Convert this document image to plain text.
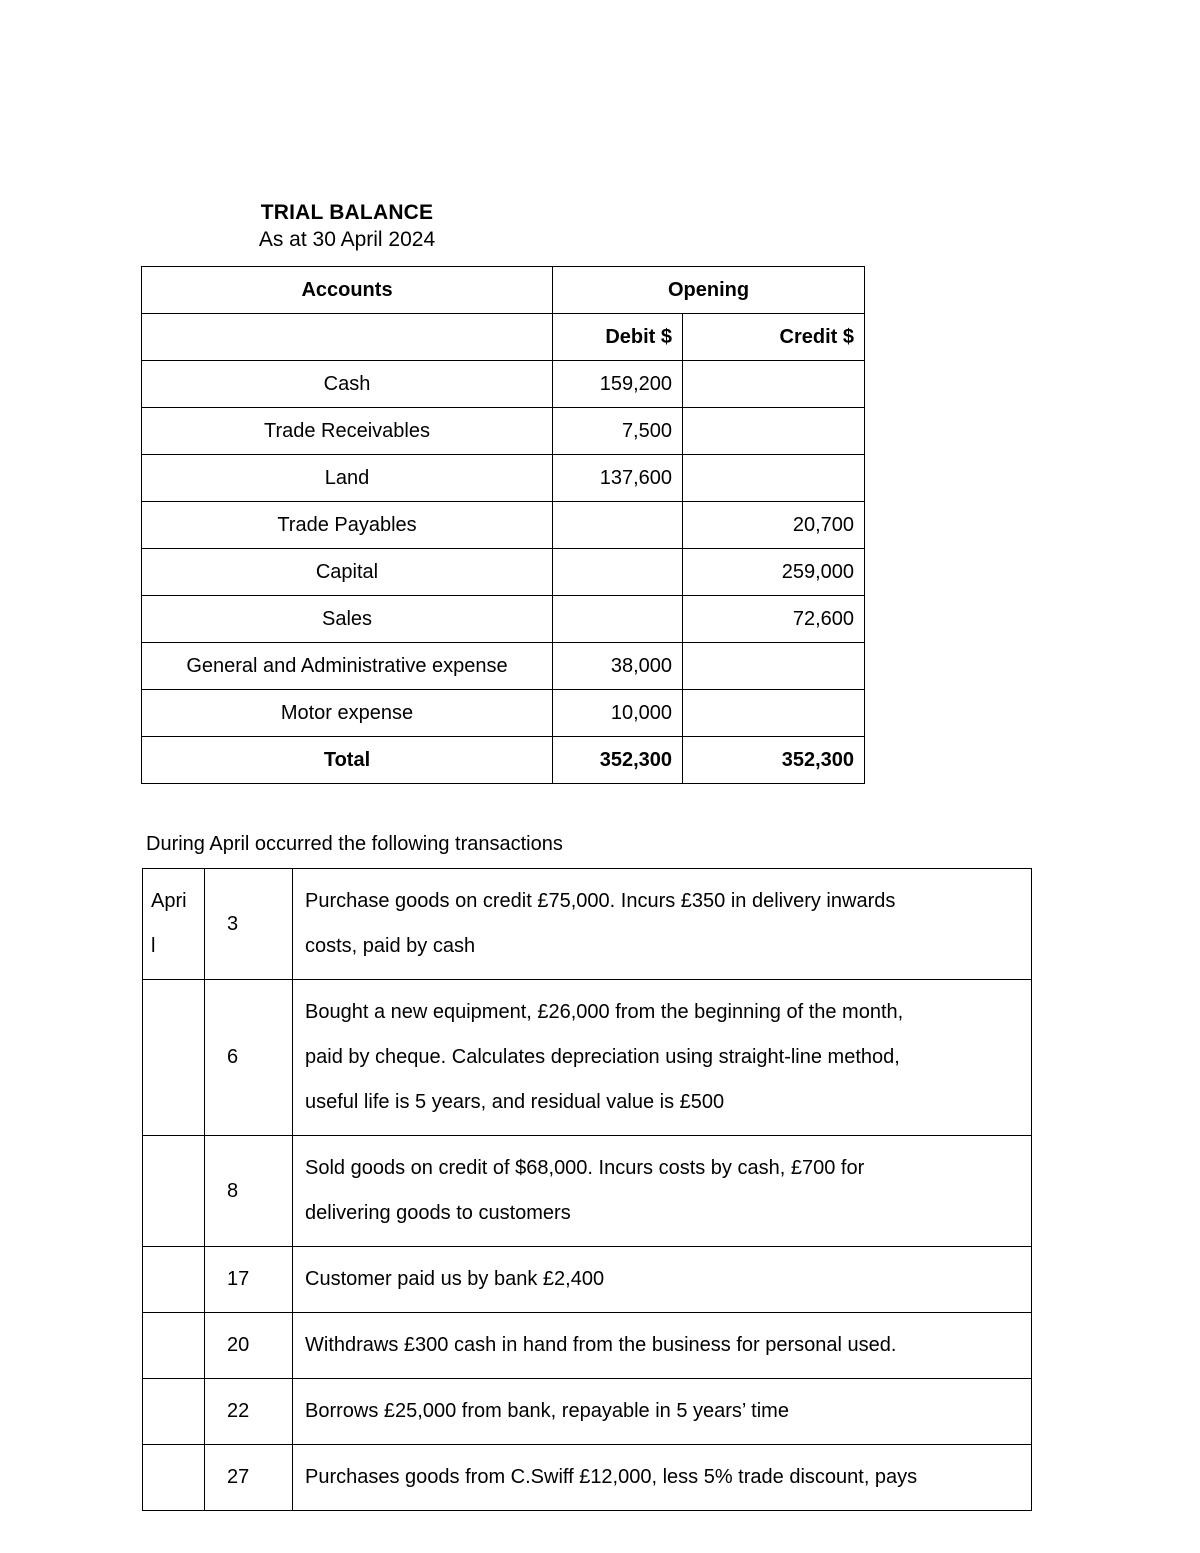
TRIAL BALANCE
As at 30 April 2024
Accounts	Opening	
	Debit $	Credit $
Cash	159,200	
Trade Receivables	7,500	
Land	137,600	
Trade Payables		20,700
Capital		259,000
Sales		72,600
General and Administrative expense	38,000	
Motor expense	10,000	
Total	352,300	352,300
During April occurred the following transactions
Apri
l	3	Purchase goods on credit £75,000. Incurs £350 in delivery inwards
costs, paid by cash

	6	Bought a new equipment, £26,000 from the beginning of the month,
paid by cheque. Calculates depreciation using straight-line method,
useful life is 5 years, and residual value is £500

	8	Sold goods on credit of $68,000. Incurs costs by cash, £700 for
delivering goods to customers

	17	Customer paid us by bank £2,400

	20	Withdraws £300 cash in hand from the business for personal used.

	22	Borrows £25,000 from bank, repayable in 5 years’ time

	27	Purchases goods from C.Swiff £12,000, less 5% trade discount, pays
